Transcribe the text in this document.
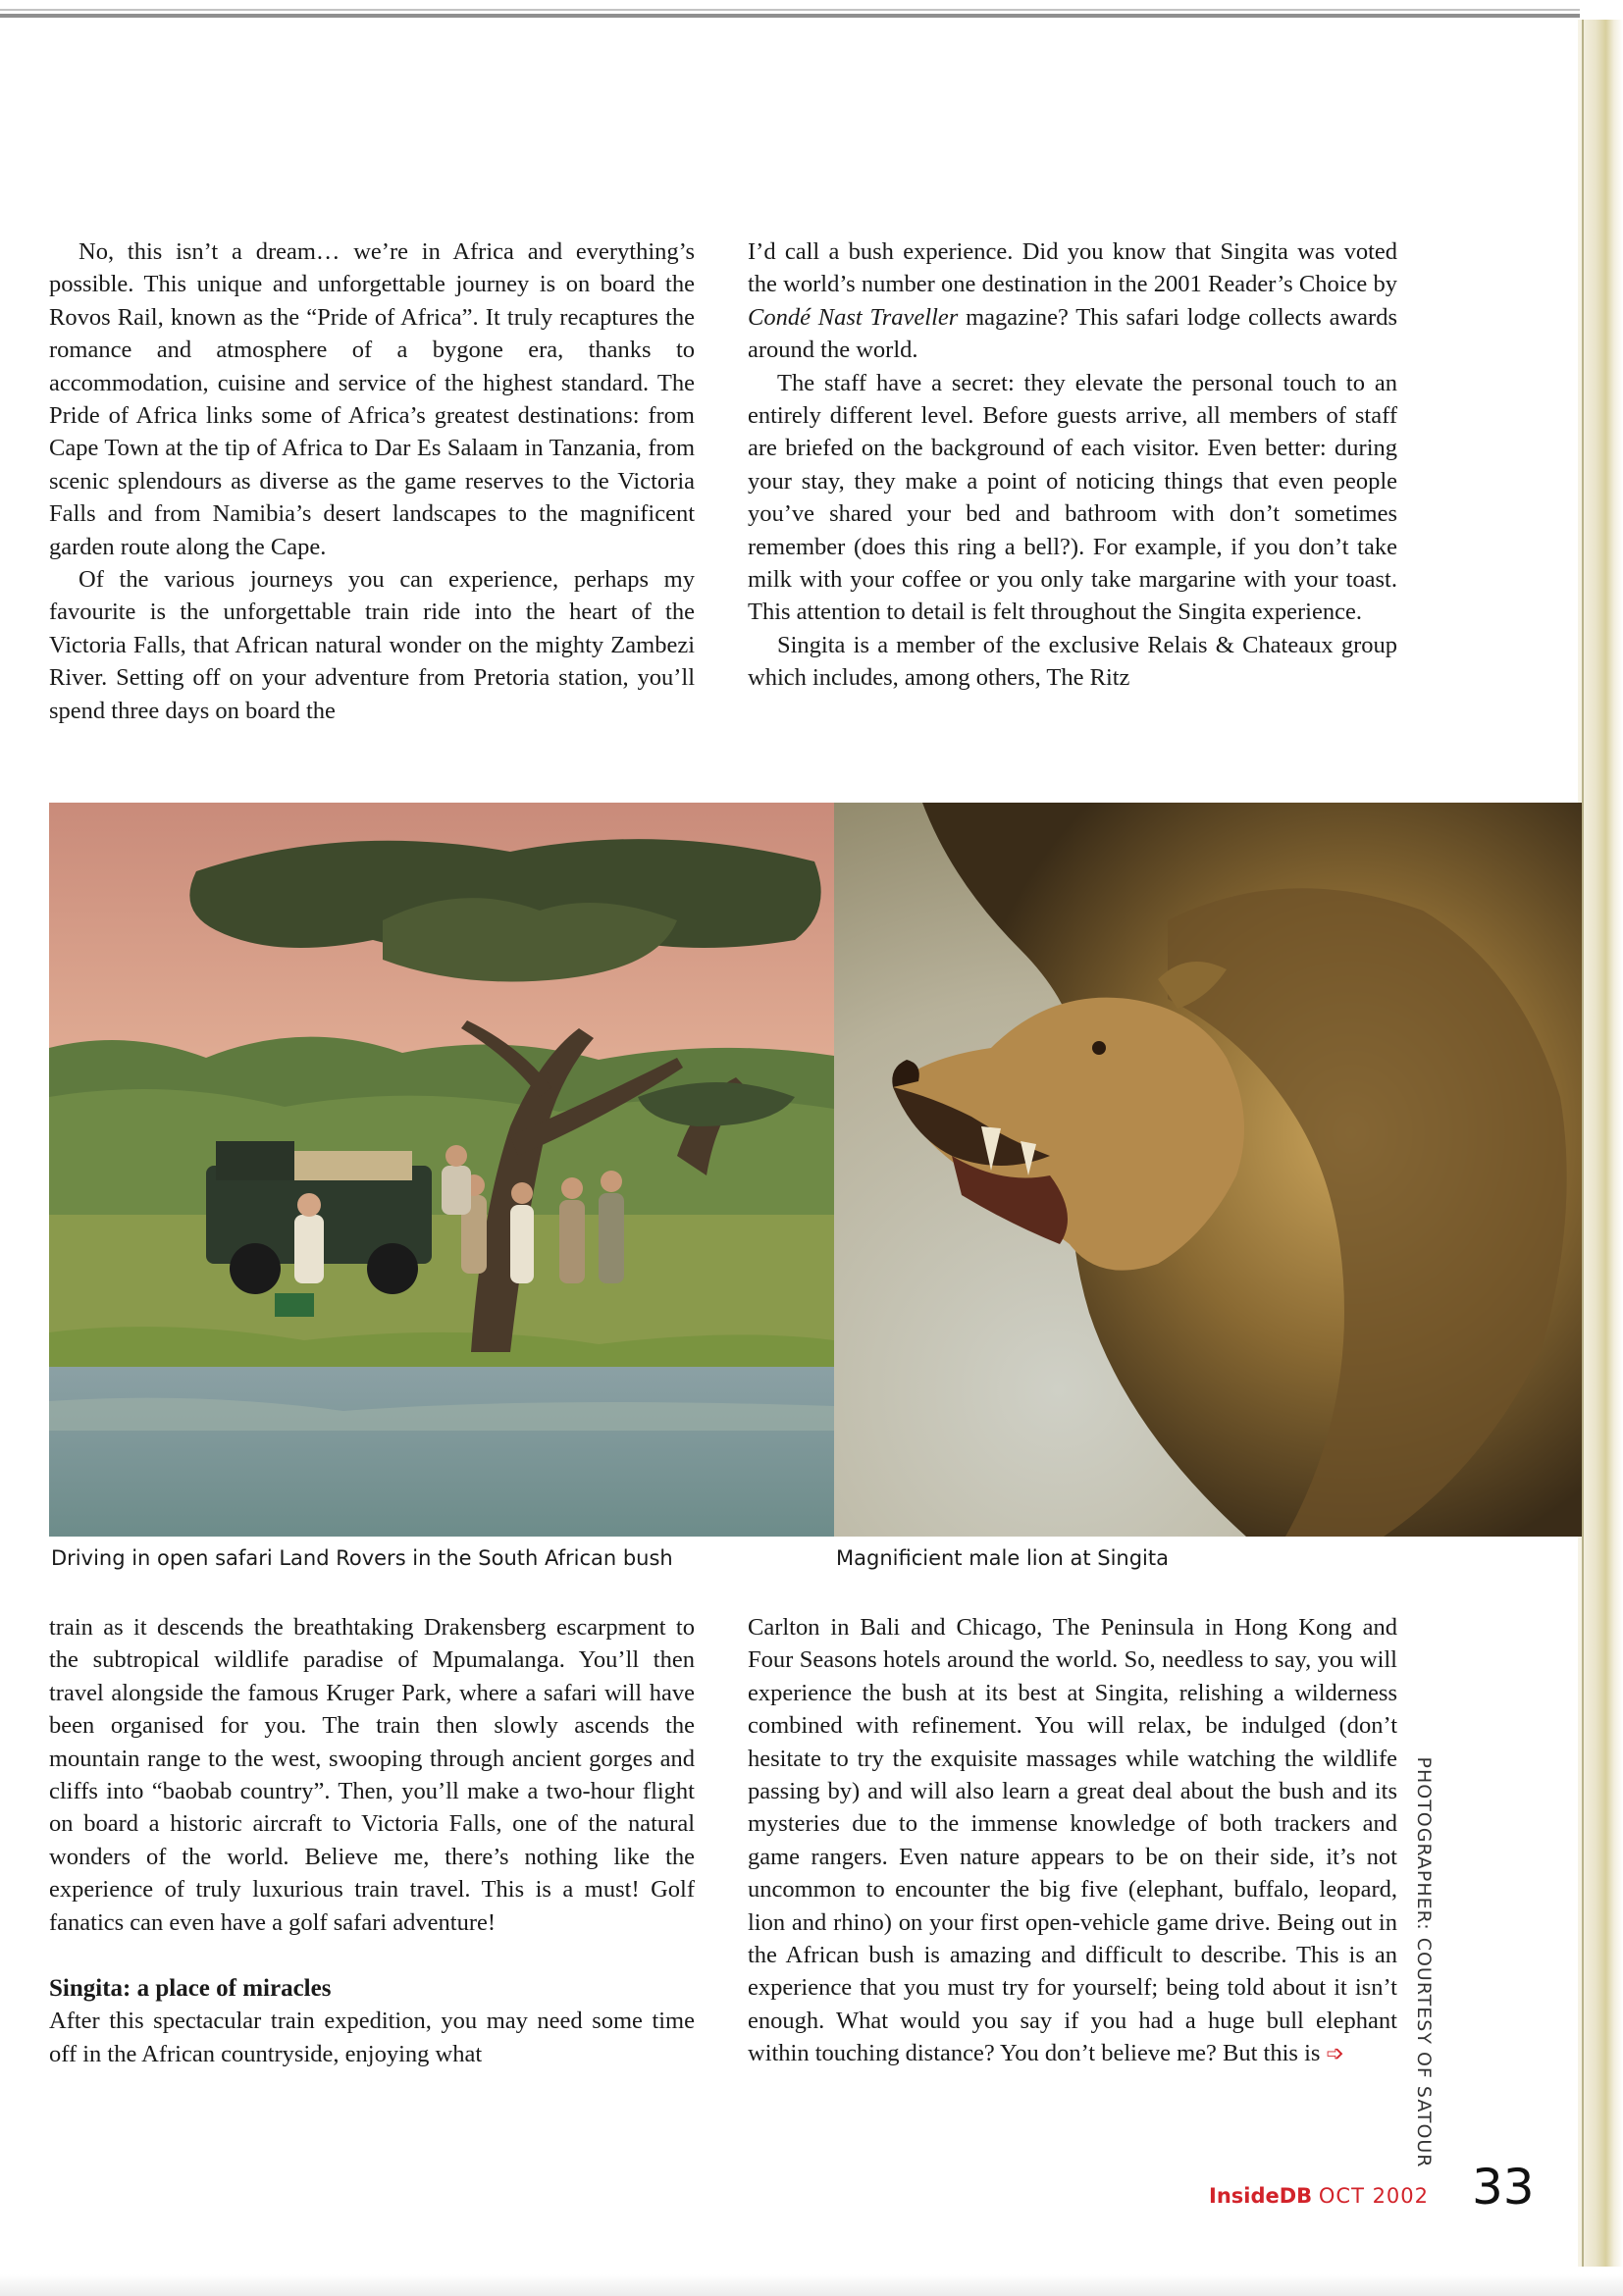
No, this isn’t a dream… we’re in Africa and everything’s possible. This unique and unforgettable journey is on board the Rovos Rail, known as the “Pride of Africa”. It truly recaptures the romance and atmosphere of a bygone era, thanks to accommodation, cuisine and service of the highest standard. The Pride of Africa links some of Africa’s greatest destinations: from Cape Town at the tip of Africa to Dar Es Salaam in Tanzania, from scenic splendours as diverse as the game reserves to the Victoria Falls and from Namibia’s desert landscapes to the magnificent garden route along the Cape.

Of the various journeys you can experience, perhaps my favourite is the unforgettable train ride into the heart of the Victoria Falls, that African natural wonder on the mighty Zambezi River. Setting off on your adventure from Pretoria station, you’ll spend three days on board the

I’d call a bush experience. Did you know that Singita was voted the world’s number one destination in the 2001 Reader’s Choice by Condé Nast Traveller magazine? This safari lodge collects awards around the world.

The staff have a secret: they elevate the personal touch to an entirely different level. Before guests arrive, all members of staff are briefed on the background of each visitor. Even better: during your stay, they make a point of noticing things that even people you’ve shared your bed and bathroom with don’t sometimes remember (does this ring a bell?). For example, if you don’t take milk with your coffee or you only take margarine with your toast. This attention to detail is felt throughout the Singita experience.

Singita is a member of the exclusive Relais & Chateaux group which includes, among others, The Ritz

Driving in open safari Land Rovers in the South African bush	Magnificient male lion at Singita

train as it descends the breathtaking Drakensberg escarpment to the subtropical wildlife paradise of Mpumalanga. You’ll then travel alongside the famous Kruger Park, where a safari will have been organised for you. The train then slowly ascends the mountain range to the west, swooping through ancient gorges and cliffs into “baobab country”. Then, you’ll make a two-hour flight on board a historic aircraft to Victoria Falls, one of the natural wonders of the world. Believe me, there’s nothing like the experience of truly luxurious train travel. This is a must! Golf fanatics can even have a golf safari adventure!

Singita: a place of miracles

After this spectacular train expedition, you may need some time off in the African countryside, enjoying what

Carlton in Bali and Chicago, The Peninsula in Hong Kong and Four Seasons hotels around the world. So, needless to say, you will experience the bush at its best at Singita, relishing a wilderness combined with refinement. You will relax, be indulged (don’t hesitate to try the exquisite massages while watching the wildlife passing by) and will also learn a great deal about the bush and its mysteries due to the immense knowledge of both trackers and game rangers. Even nature appears to be on their side, it’s not uncommon to encounter the big five (elephant, buffalo, leopard, lion and rhino) on your first open-vehicle game drive. Being out in the African bush is amazing and difficult to describe. This is an experience that you must try for yourself; being told about it isn’t enough. What would you say if you had a huge bull elephant within touching distance? You don’t believe me? But this is ➩	PHOTOGRAPHER: COURTESY OF SATOUR
InsideDB OCT 2002 33
